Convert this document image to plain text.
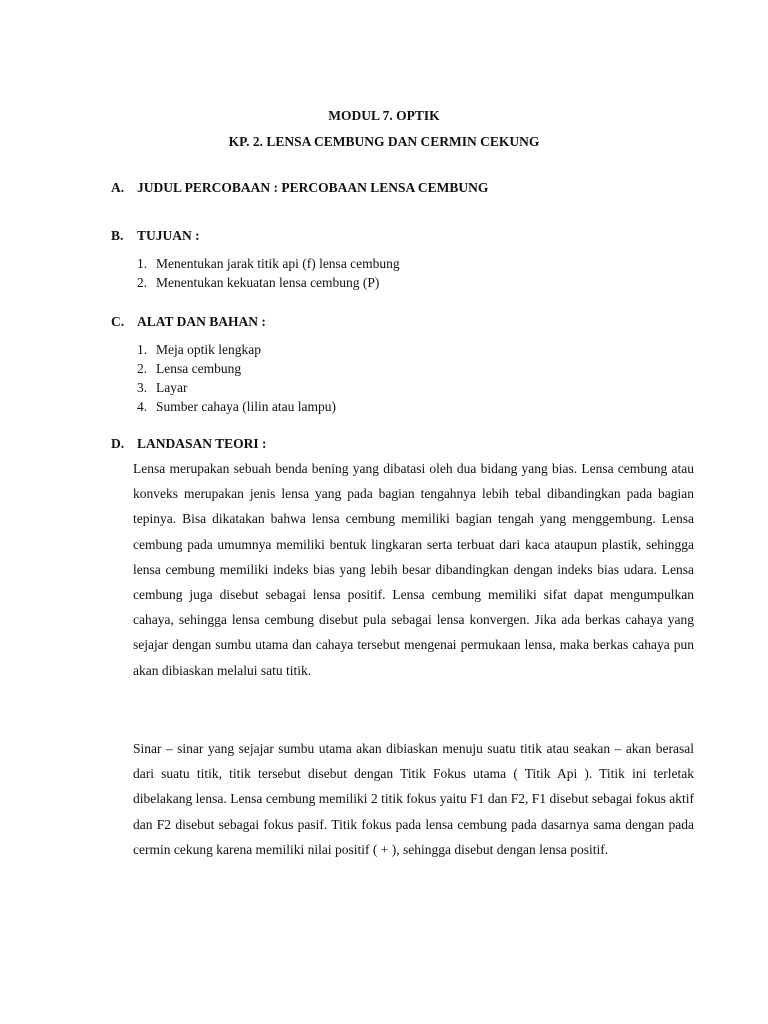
MODUL 7. OPTIK
KP. 2. LENSA CEMBUNG DAN CERMIN CEKUNG
A. JUDUL PERCOBAAN : PERCOBAAN LENSA CEMBUNG
B. TUJUAN :
1. Menentukan jarak titik api (f) lensa cembung
2. Menentukan kekuatan lensa cembung (P)
C. ALAT DAN BAHAN :
1. Meja optik lengkap
2. Lensa cembung
3. Layar
4. Sumber cahaya (lilin atau lampu)
D. LANDASAN TEORI :

Lensa merupakan sebuah benda bening yang dibatasi oleh dua bidang yang bias. Lensa cembung atau konveks merupakan jenis lensa yang pada bagian tengahnya lebih tebal dibandingkan pada bagian tepinya. Bisa dikatakan bahwa lensa cembung memiliki bagian tengah yang menggembung. Lensa cembung pada umumnya memiliki bentuk lingkaran serta terbuat dari kaca ataupun plastik, sehingga lensa cembung memiliki indeks bias yang lebih besar dibandingkan dengan indeks bias udara. Lensa cembung juga disebut sebagai lensa positif. Lensa cembung memiliki sifat dapat mengumpulkan cahaya, sehingga lensa cembung disebut pula sebagai lensa konvergen. Jika ada berkas cahaya yang sejajar dengan sumbu utama dan cahaya tersebut mengenai permukaan lensa, maka berkas cahaya pun akan dibiaskan melalui satu titik.

Sinar – sinar yang sejajar sumbu utama akan dibiaskan menuju suatu titik atau seakan – akan berasal dari suatu titik, titik tersebut disebut dengan Titik Fokus utama ( Titik Api ). Titik ini terletak dibelakang lensa. Lensa cembung memiliki 2 titik fokus yaitu F1 dan F2, F1 disebut sebagai fokus aktif dan F2 disebut sebagai fokus pasif. Titik fokus pada lensa cembung pada dasarnya sama dengan pada cermin cekung karena memiliki nilai positif ( + ), sehingga disebut dengan lensa positif.
